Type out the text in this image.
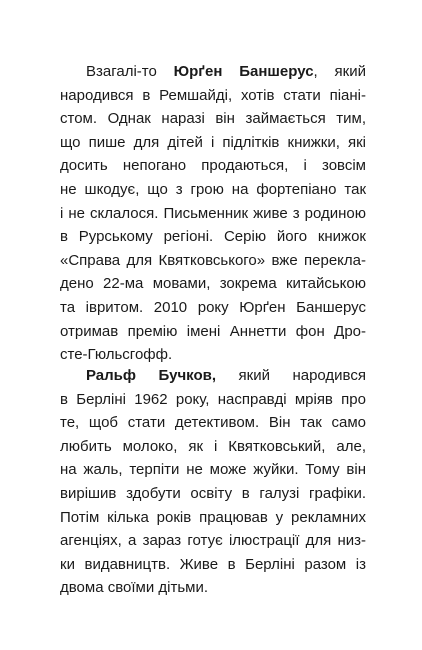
Взагалі-то Юрґен Баншерус, який
народився в Ремшайді, хотів стати піані-
стом. Однак наразі він займається тим,
що пише для дітей і підлітків книжки, які
досить непогано продаються, і зовсім
не шкодує, що з грою на фортепіано так
і не склалося. Письменник живе з родиною
в Рурському регіоні. Серію його книжок
«Справа для Квятковського» вже перекла-
дено 22-ма мовами, зокрема китайською
та івритом. 2010 року Юрґен Баншерус
отримав премію імені Аннетти фон Дро-
сте-Гюльсгофф.

Ральф Бучков, який народився
в Берліні 1962 року, насправді мріяв про
те, щоб стати детективом. Він так само
любить молоко, як і Квятковський, але,
на жаль, терпіти не може жуйки. Тому він
вирішив здобути освіту в галузі графіки.
Потім кілька років працював у рекламних
агенціях, а зараз готує ілюстрації для низ-
ки видавництв. Живе в Берліні разом із
двома своїми дітьми.
